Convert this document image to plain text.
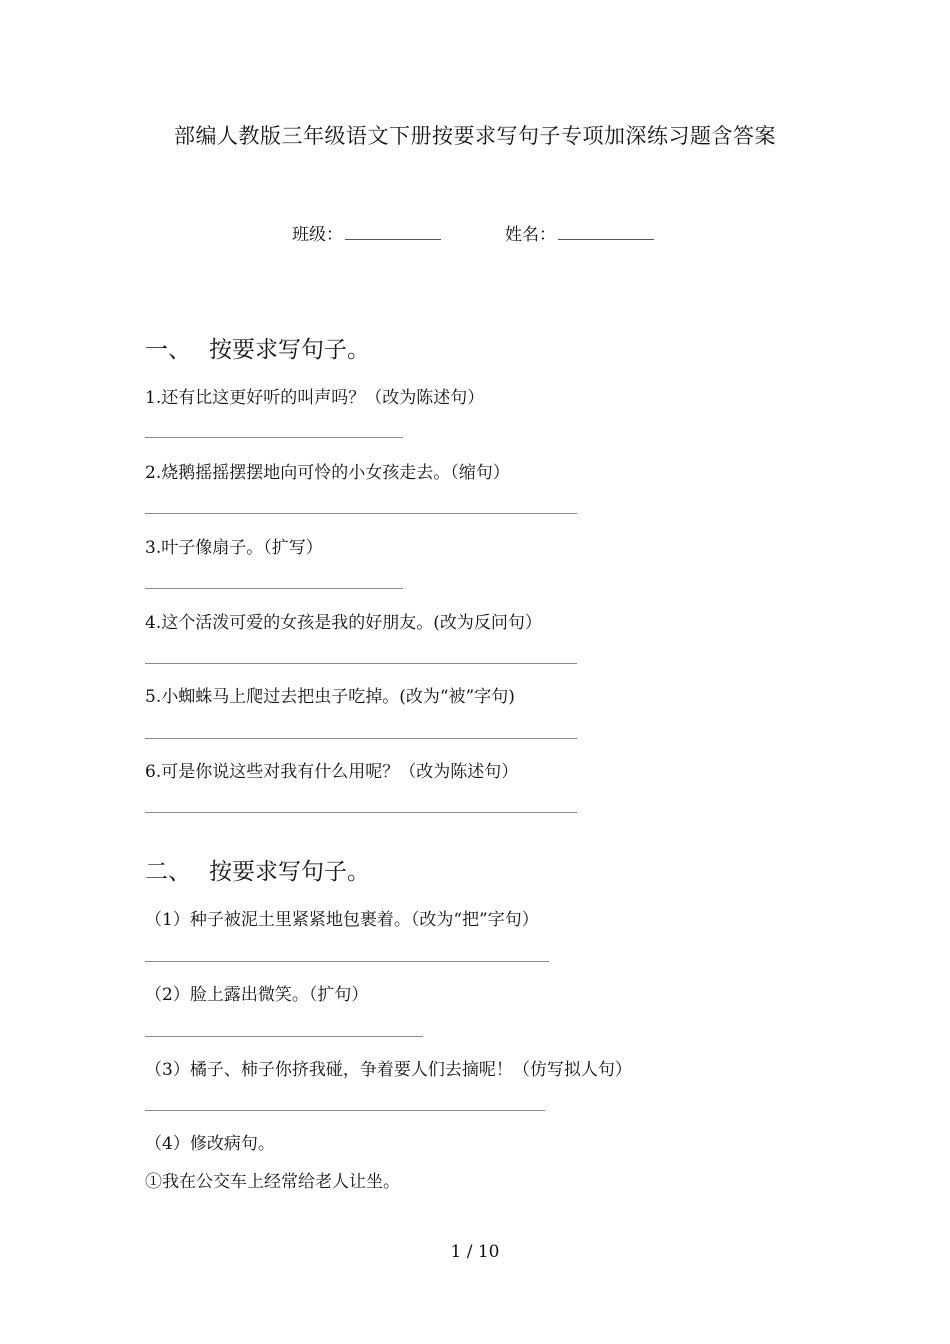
部编人教版三年级语文下册按要求写句子专项加深练习题含答案
班级：	姓名：
一、 按要求写句子。
1.还有比这更好听的叫声吗？（改为陈述句）
2.烧鹅摇摇摆摆地向可怜的小女孩走去。（缩句）
3.叶子像扇子。（扩写）
4.这个活泼可爱的女孩是我的好朋友。(改为反问句）
5.小蜘蛛马上爬过去把虫子吃掉。(改为“被”字句)
6.可是你说这些对我有什么用呢？（改为陈述句）
二、 按要求写句子。
（1）种子被泥土里紧紧地包裹着。（改为“把”字句）
（2）脸上露出微笑。（扩句）
（3）橘子、柿子你挤我碰，争着要人们去摘呢！（仿写拟人句）
（4）修改病句。
①我在公交车上经常给老人让坐。
1 / 10
